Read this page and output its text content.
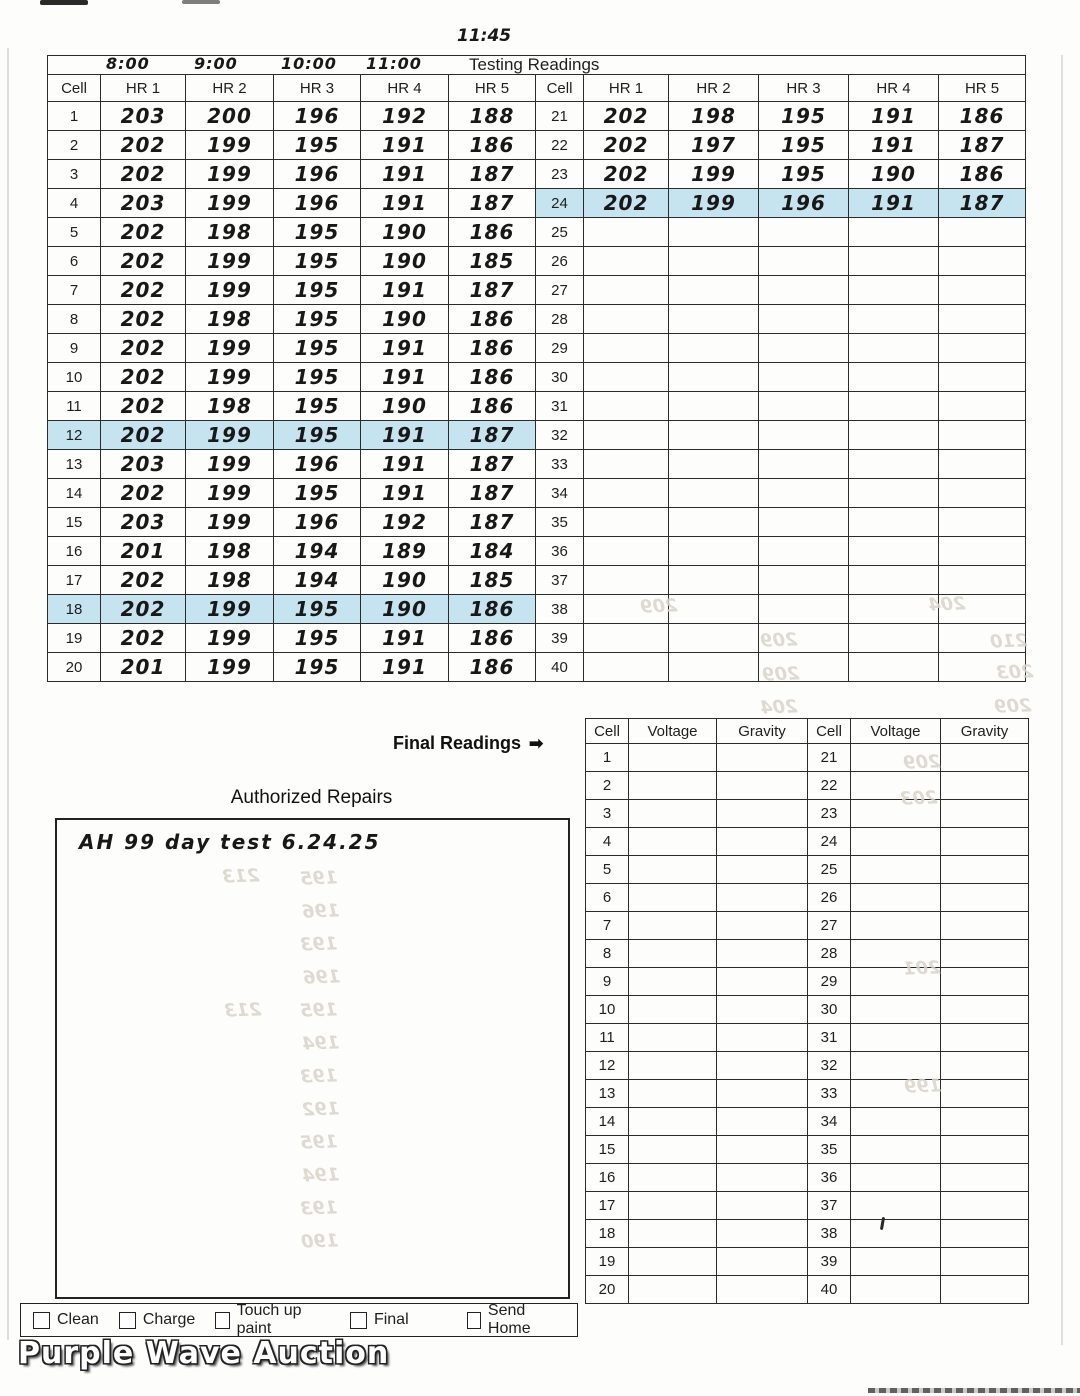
11:45
8:00 9:00 10:00 11:00 Testing Readings											

Cell	HR 1	HR 2	HR 3	HR 4	HR 5	Cell	HR 1	HR 2	HR 3	HR 4	HR 5
1	203	200	196	192	188	21	202	198	195	191	186
2	202	199	195	191	186	22	202	197	195	191	187
3	202	199	196	191	187	23	202	199	195	190	186
4	203	199	196	191	187	24	202	199	196	191	187
5	202	198	195	190	186	25					
6	202	199	195	190	185	26					
7	202	199	195	191	187	27					
8	202	198	195	190	186	28					
9	202	199	195	191	186	29					
10	202	199	195	191	186	30					
11	202	198	195	190	186	31					
12	202	199	195	191	187	32					
13	203	199	196	191	187	33					
14	202	199	195	191	187	34					
15	203	199	196	192	187	35					
16	201	198	194	189	184	36					
17	202	198	194	190	185	37					
18	202	199	195	190	186	38					
19	202	199	195	191	186	39					
20	201	199	195	191	186	40					
Final Readings ➡
Cell	Voltage	Gravity	Cell	Voltage	Gravity
1			21		
2			22		
3			23		
4			24		
5			25		
6			26		
7			27		
8			28		
9			29		
10			30		
11			31		
12			32		
13			33		
14			34		
15			35		
16			36		
17			37		
18			38		
19			39		
20			40		
Authorized Repairs
AH 99 day test 6.24.25
Clean	Charge
Touch up paint
Final
Send Home
Purple Wave Auction
209	204
209	210
209	203
204	209
209
203
201
199
213 195
196
193
196
195
194
193
192
195
194
193
190
213
